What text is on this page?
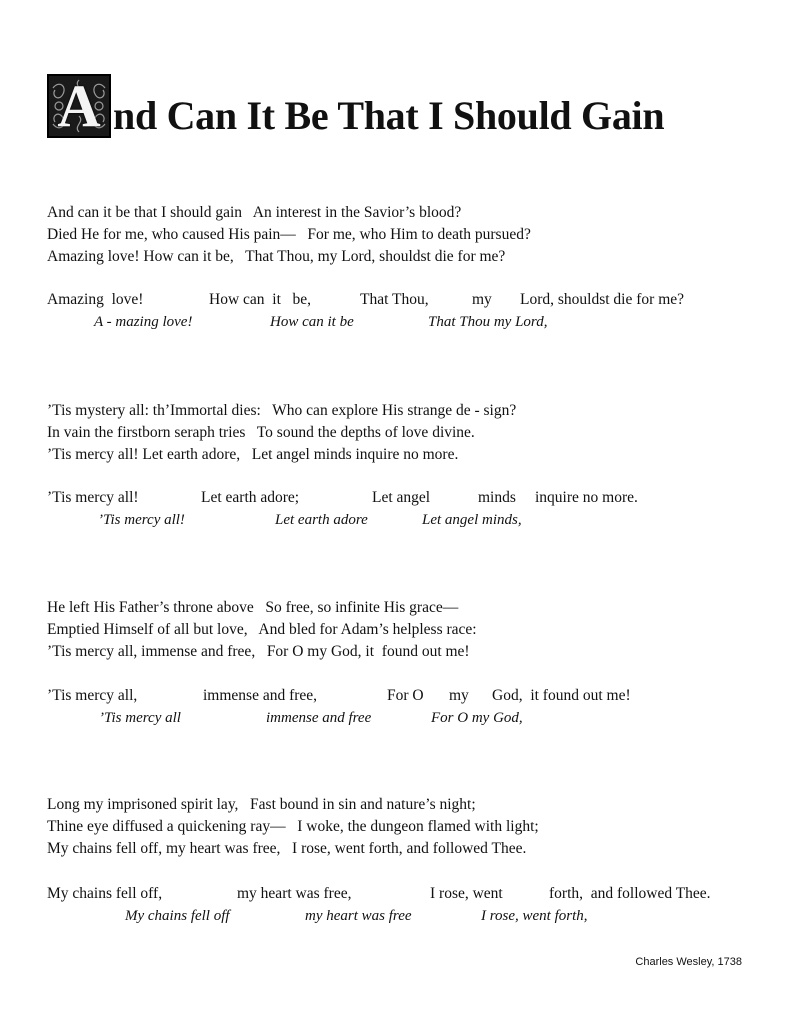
A nd Can It Be That I Should Gain
And can it be that I should gain   An interest in the Savior’s blood?
Died He for me, who caused His pain—   For me, who Him to death pursued?
Amazing love! How can it be,   That Thou, my Lord, shouldst die for me?
Amazing  love!	How can  it   be,	That Thou,	my Lord, shouldst die for me?
A - mazing love!	How can it be	That Thou my Lord,
’Tis mystery all: th’Immortal dies:   Who can explore His strange de - sign?
In vain the firstborn seraph tries   To sound the depths of love divine.
’Tis mercy all! Let earth adore,   Let angel minds inquire no more.
’Tis mercy all!	Let earth adore;	Let angel	minds inquire no more.
’Tis mercy all!	Let earth adore	Let angel minds,
He left His Father’s throne above   So free, so infinite His grace—
Emptied Himself of all but love,   And bled for Adam’s helpless race:
’Tis mercy all, immense and free,   For O my God, it  found out me!
’Tis mercy all,	immense and free,	For O my God,  it found out me!
’Tis mercy all	immense and free	For O my God,
Long my imprisoned spirit lay,   Fast bound in sin and nature’s night;
Thine eye diffused a quickening ray—   I woke, the dungeon flamed with light;
My chains fell off, my heart was free,   I rose, went forth, and followed Thee.
My chains fell off,	my heart was free,	I rose, went	forth,  and followed Thee.
My chains fell off	my heart was free	I rose, went forth,
Charles Wesley, 1738
